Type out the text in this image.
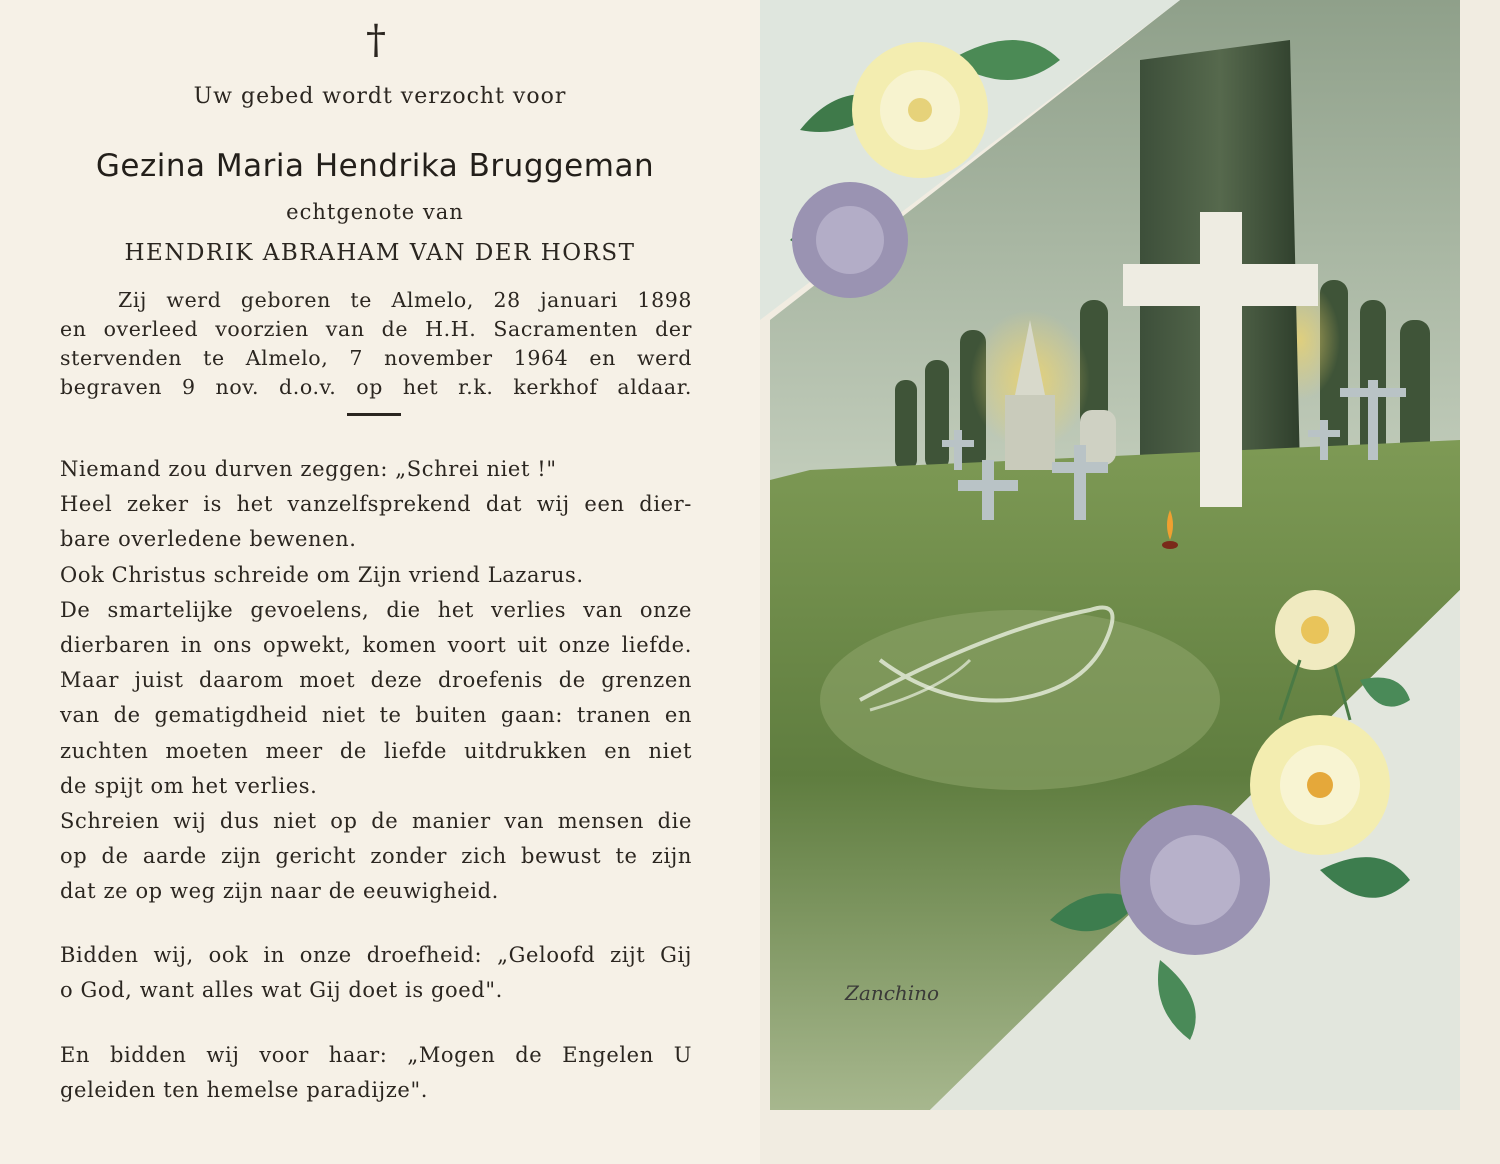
†
Uw gebed wordt verzocht voor
Gezina Maria Hendrika Bruggeman
echtgenote van
HENDRIK ABRAHAM VAN DER HORST
Zij werd geboren te Almelo, 28 januari 1898
en overleed voorzien van de H.H. Sacramenten der
stervenden te Almelo, 7 november 1964 en werd
begraven 9 nov. d.o.v. op het r.k. kerkhof aldaar.
Niemand zou durven zeggen: „Schrei niet !"
Heel zeker is het vanzelfsprekend dat wij een dier-
bare overledene bewenen.
Ook Christus schreide om Zijn vriend Lazarus.
De smartelijke gevoelens, die het verlies van onze
dierbaren in ons opwekt, komen voort uit onze liefde.
Maar juist daarom moet deze droefenis de grenzen
van de gematigdheid niet te buiten gaan: tranen en
zuchten moeten meer de liefde uitdrukken en niet
de spijt om het verlies.
Schreien wij dus niet op de manier van mensen die
op de aarde zijn gericht zonder zich bewust te zijn
dat ze op weg zijn naar de eeuwigheid.
Bidden wij, ook in onze droefheid: „Geloofd zijt Gij
o God, want alles wat Gij doet is goed".
En bidden wij voor haar: „Mogen de Engelen U
geleiden ten hemelse paradijze".
Zanchino
